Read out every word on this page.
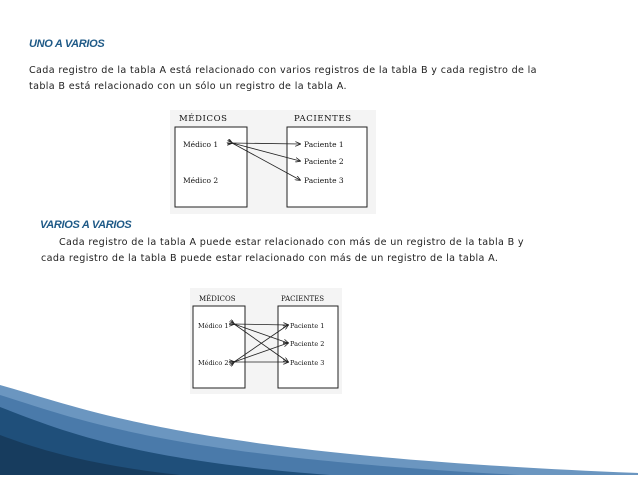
UNO A VARIOS

Cada registro de la tabla A está relacionado con varios registros de la tabla B y cada registro de la
tabla B está relacionado con un sólo un registro de la tabla A.

MÉDICOS	PACIENTES
Médico 1
Médico 2
Paciente 1
Paciente 2
Paciente 3
VARIOS A VARIOS

Cada registro de la tabla A puede estar relacionado con más de un registro de la tabla B y
cada registro de la tabla B puede estar relacionado con más de un registro de la tabla A.

MÉDICOS	PACIENTES
Médico 1
Médico 2
Paciente 1
Paciente 2
Paciente 3
